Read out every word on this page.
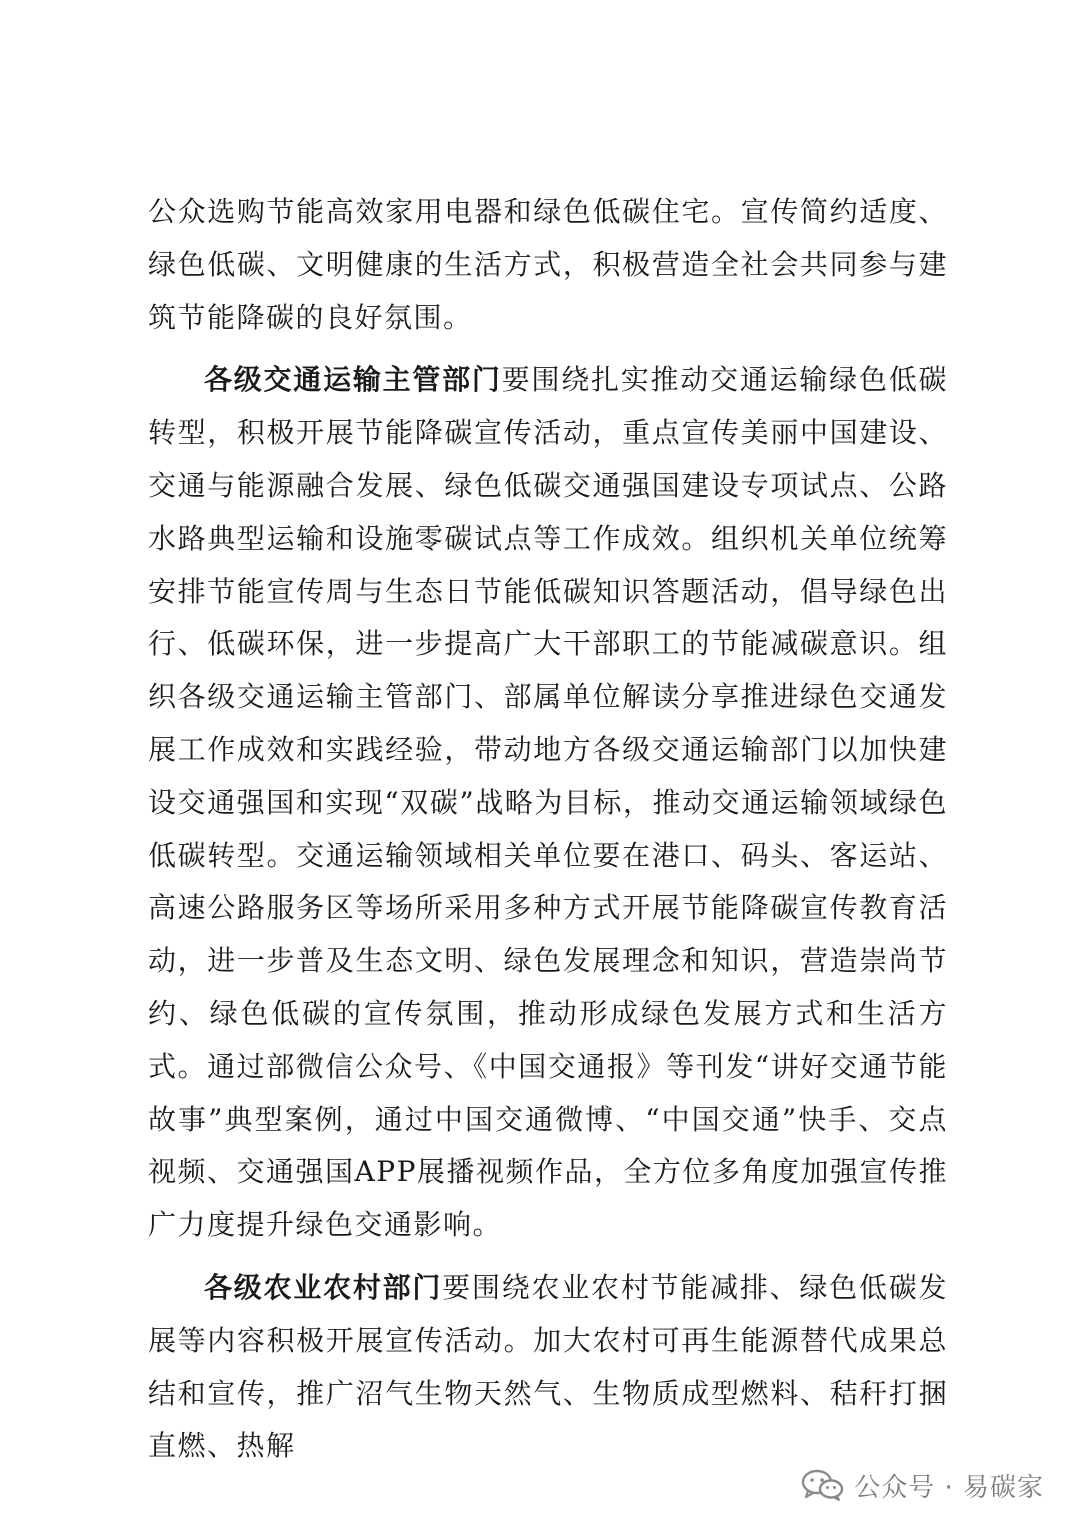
公众选购节能高效家用电器和绿色低碳住宅。宣传简约适度、绿色低碳、文明健康的生活方式，积极营造全社会共同参与建筑节能降碳的良好氛围。

各级交通运输主管部门要围绕扎实推动交通运输绿色低碳转型，积极开展节能降碳宣传活动，重点宣传美丽中国建设、交通与能源融合发展、绿色低碳交通强国建设专项试点、公路水路典型运输和设施零碳试点等工作成效。组织机关单位统筹安排节能宣传周与生态日节能低碳知识答题活动，倡导绿色出行、低碳环保，进一步提高广大干部职工的节能减碳意识。组织各级交通运输主管部门、部属单位解读分享推进绿色交通发展工作成效和实践经验，带动地方各级交通运输部门以加快建设交通强国和实现“双碳”战略为目标，推动交通运输领域绿色低碳转型。交通运输领域相关单位要在港口、码头、客运站、高速公路服务区等场所采用多种方式开展节能降碳宣传教育活动，进一步普及生态文明、绿色发展理念和知识，营造崇尚节约、绿色低碳的宣传氛围，推动形成绿色发展方式和生活方式。通过部微信公众号、《中国交通报》等刊发“讲好交通节能故事”典型案例，通过中国交通微博、“中国交通”快手、交点视频、交通强国APP展播视频作品，全方位多角度加强宣传推广力度提升绿色交通影响。

各级农业农村部门要围绕农业农村节能减排、绿色低碳发展等内容积极开展宣传活动。加大农村可再生能源替代成果总结和宣传，推广沼气生物天然气、生物质成型燃料、秸秆打捆直燃、热解

公众号 · 易碳家
